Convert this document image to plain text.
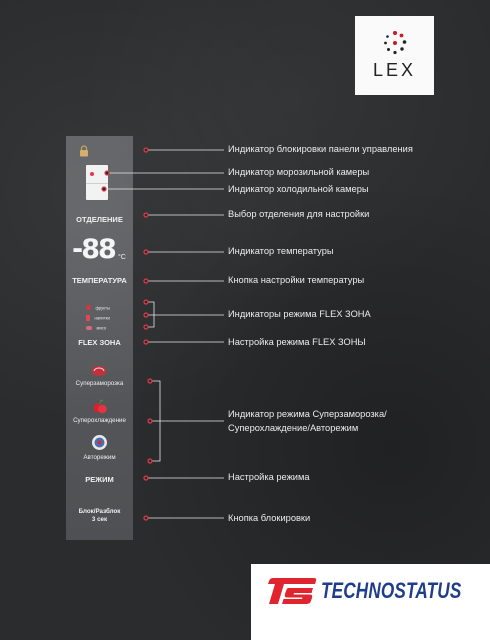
LEX
ОТДЕЛЕНИЕ
-88 °C
ТЕМПЕРАТУРА
фрукты
напитки
мясо
FLEX ЗОНА
Суперзаморозка
Суперохлаждение
Авторежим
РЕЖИМ
Блок/Разблок
3 сек
Индикатор блокировки панели управления
Индикатор морозильной камеры
Индикатор холодильной камеры
Выбор отделения для настройки
Индикатор температуры
Кнопка настройки температуры
Индикаторы режима FLEX ЗОНА
Настройка режима FLEX ЗОНЫ
Индикатор режима Суперзаморозка/
Суперохлаждение/Авторежим
Настройка режима
Кнопка блокировки
TECHNOSTATUS
